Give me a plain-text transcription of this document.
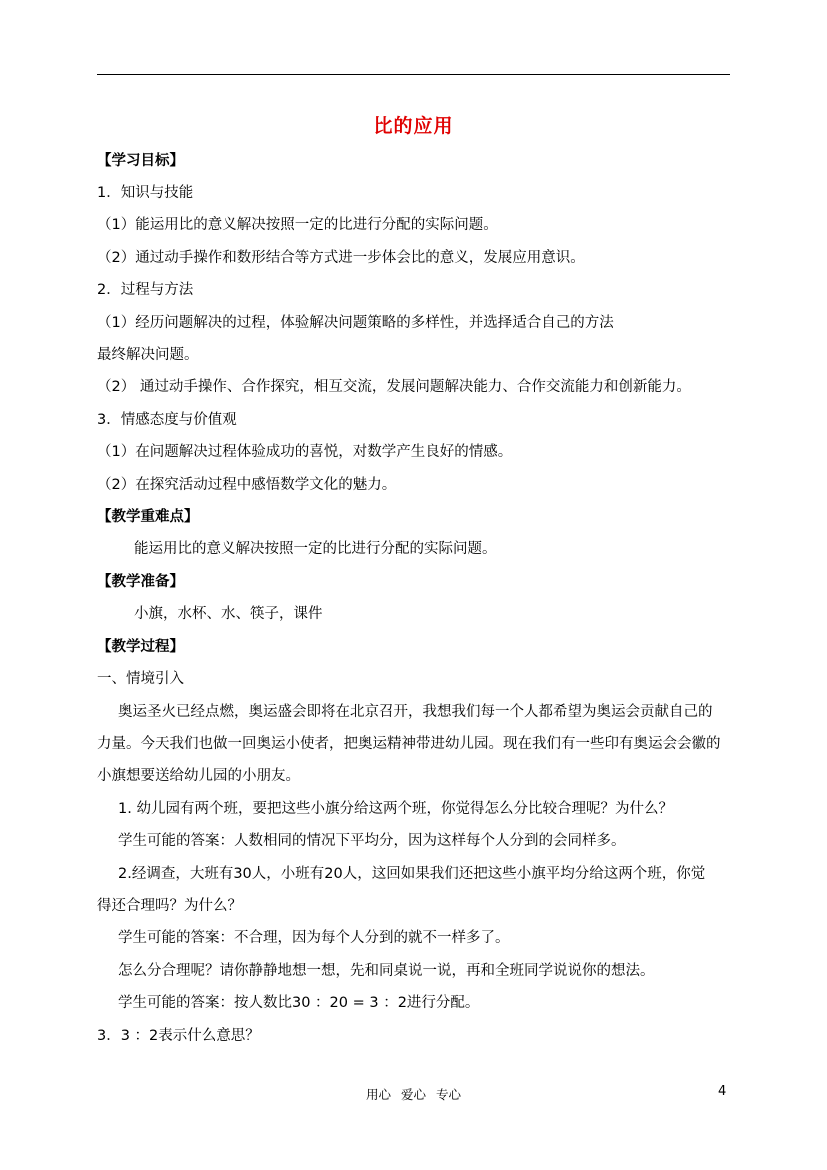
比的应用
【学习目标】
1．知识与技能
（1）能运用比的意义解决按照一定的比进行分配的实际问题。
（2）通过动手操作和数形结合等方式进一步体会比的意义，发展应用意识。
2．过程与方法
（1）经历问题解决的过程，体验解决问题策略的多样性，并选择适合自己的方法
最终解决问题。
（2） 通过动手操作、合作探究，相互交流，发展问题解决能力、合作交流能力和创新能力。
3．情感态度与价值观
（1）在问题解决过程体验成功的喜悦，对数学产生良好的情感。
（2）在探究活动过程中感悟数学文化的魅力。
【教学重难点】
能运用比的意义解决按照一定的比进行分配的实际问题。
【教学准备】
小旗，水杯、水、筷子，课件
【教学过程】
一、情境引入
奥运圣火已经点燃，奥运盛会即将在北京召开，我想我们每一个人都希望为奥运会贡献自己的
力量。今天我们也做一回奥运小使者，把奥运精神带进幼儿园。现在我们有一些印有奥运会会徽的
小旗想要送给幼儿园的小朋友。
1. 幼儿园有两个班，要把这些小旗分给这两个班，你觉得怎么分比较合理呢？为什么？
学生可能的答案：人数相同的情况下平均分，因为这样每个人分到的会同样多。
2.经调查，大班有30人，小班有20人，这回如果我们还把这些小旗平均分给这两个班，你觉
得还合理吗？为什么？
学生可能的答案：不合理，因为每个人分到的就不一样多了。
怎么分合理呢？请你静静地想一想，先和同桌说一说，再和全班同学说说你的想法。
学生可能的答案：按人数比30 ：20 = 3 ：2进行分配。
3．3 ：2表示什么意思？
用心 爱心 专心	4
